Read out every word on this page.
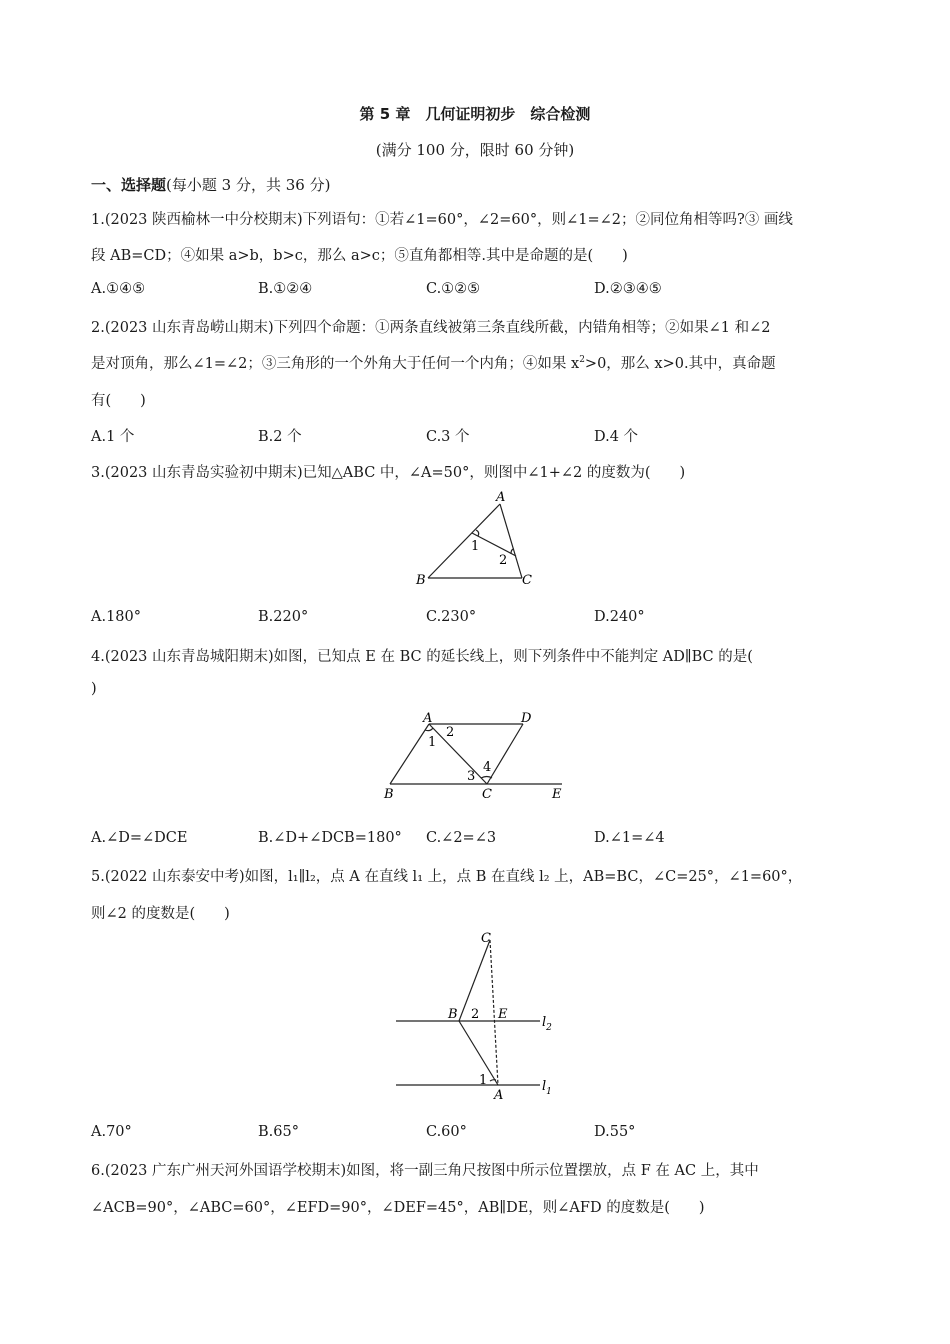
第 5 章　几何证明初步　综合检测
(满分 100 分，限时 60 分钟)
一、选择题(每小题 3 分，共 36 分)
1.(2023 陕西榆林一中分校期末)下列语句：①若∠1=60°，∠2=60°，则∠1=∠2；②同位角相等吗?③ 画线
段 AB=CD；④如果 a>b，b>c，那么 a>c；⑤直角都相等.其中是命题的是(　　)
A.①④⑤	B.①②④	C.①②⑤	D.②③④⑤
2.(2023 山东青岛崂山期末)下列四个命题：①两条直线被第三条直线所截，内错角相等；②如果∠1 和∠2
是对顶角，那么∠1=∠2；③三角形的一个外角大于任何一个内角；④如果 $x^2>0$，那么 x>0.其中，真命题
有(　　)
A.1 个	B.2 个	C.3 个	D.4 个
3.(2023 山东青岛实验初中期末)已知△ABC 中，∠A=50°，则图中∠1+∠2 的度数为(　　)
A
B	C
1
2
A.180°	B.220°	C.230°	D.240°
4.(2023 山东青岛城阳期末)如图，已知点 E 在 BC 的延长线上，则下列条件中不能判定 AD∥BC 的是(
)
A	D
B	C	E
1
2
3
4
A.∠D=∠DCE	B.∠D+∠DCB=180° C.∠2=∠3	D.∠1=∠4
5.(2022 山东泰安中考)如图，l₁∥l₂，点 A 在直线 l₁ 上，点 B 在直线 l₂ 上，AB=BC，∠C=25°，∠1=60°，
则∠2 的度数是(　　)
C
B 2 E
1
A
$l_2$
$l_1$
A.70°	B.65°	C.60°	D.55°
6.(2023 广东广州天河外国语学校期末)如图，将一副三角尺按图中所示位置摆放，点 F 在 AC 上，其中
∠ACB=90°，∠ABC=60°，∠EFD=90°，∠DEF=45°，AB∥DE，则∠AFD 的度数是(　　)
